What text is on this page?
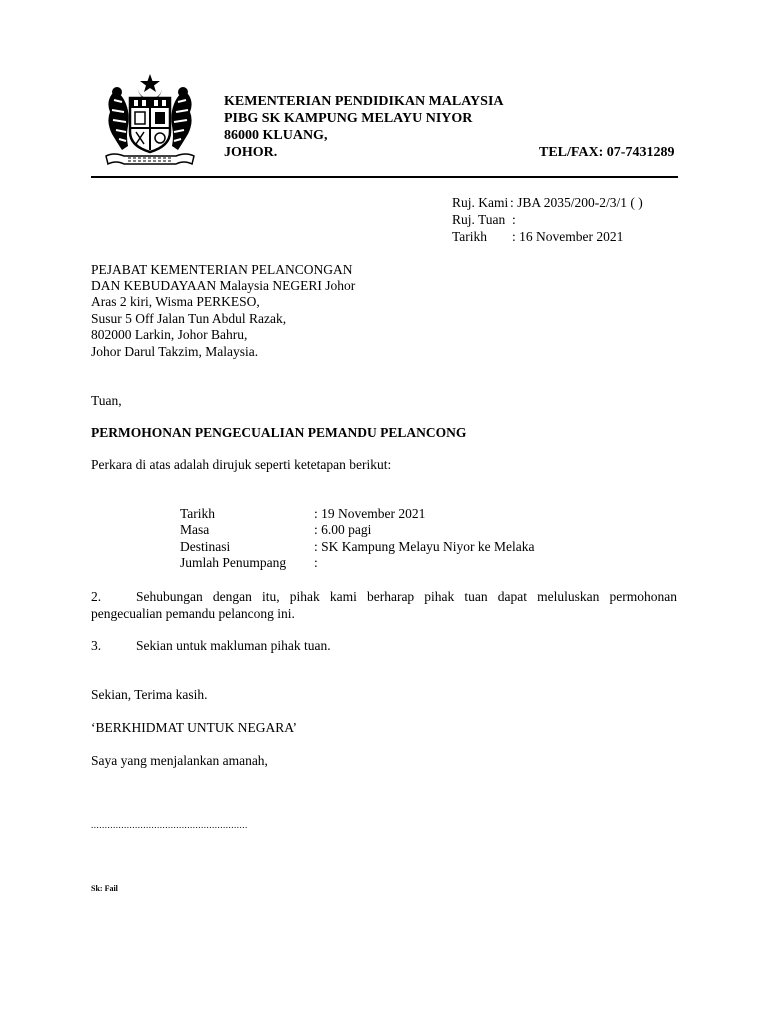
KEMENTERIAN PENDIDIKAN MALAYSIA
PIBG SK KAMPUNG MELAYU NIYOR
86000 KLUANG,
JOHOR.	TEL/FAX: 07-7431289
Ruj. Kami : JBA 2035/200-2/3/1 ( )
Ruj. Tuan :
Tarikh : 16 November 2021
PEJABAT KEMENTERIAN PELANCONGAN
DAN KEBUDAYAAN Malaysia NEGERI Johor
Aras 2 kiri, Wisma PERKESO,
Susur 5 Off Jalan Tun Abdul Razak,
802000 Larkin, Johor Bahru,
Johor Darul Takzim, Malaysia.
Tuan,
PERMOHONAN PENGECUALIAN PEMANDU PELANCONG
Perkara di atas adalah dirujuk seperti ketetapan berikut:
Tarikh	: 19 November 2021
Masa	: 6.00 pagi
Destinasi	: SK Kampung Melayu Niyor ke Melaka
Jumlah Penumpang :
2.	Sehubungan dengan itu, pihak kami berharap pihak tuan dapat meluluskan permohonan
pengecualian pemandu pelancong ini.
3.	Sekian untuk makluman pihak tuan.
Sekian, Terima kasih.
‘BERKHIDMAT UNTUK NEGARA’
Saya yang menjalankan amanah,
.........................................................
Sk: Fail
